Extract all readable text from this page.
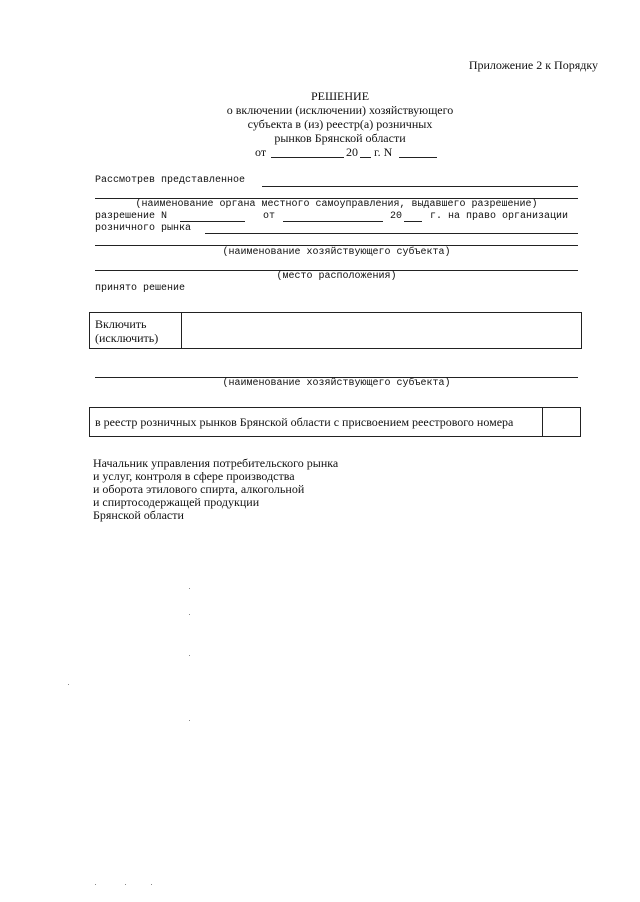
Приложение 2 к Порядку
РЕШЕНИЕ
о включении (исключении) хозяйствующего
субъекта в (из) реестр(а) розничных
рынков Брянской области
от	20 г. N
Рассмотрев представленное
(наименование органа местного самоуправления, выдавшего разрешение)
разрешение N	от	20	г. на право организации
розничного рынка
(наименование хозяйствующего субъекта)
(место расположения)
принято решение
Включить
(исключить)
(наименование хозяйствующего субъекта)
в реестр розничных рынков Брянской области с присвоением реестрового номера
Начальник управления потребительского рынка
и услуг, контроля в сфере производства
и оборота этилового спирта, алкогольной
и спиртосодержащей продукции
Брянской области
